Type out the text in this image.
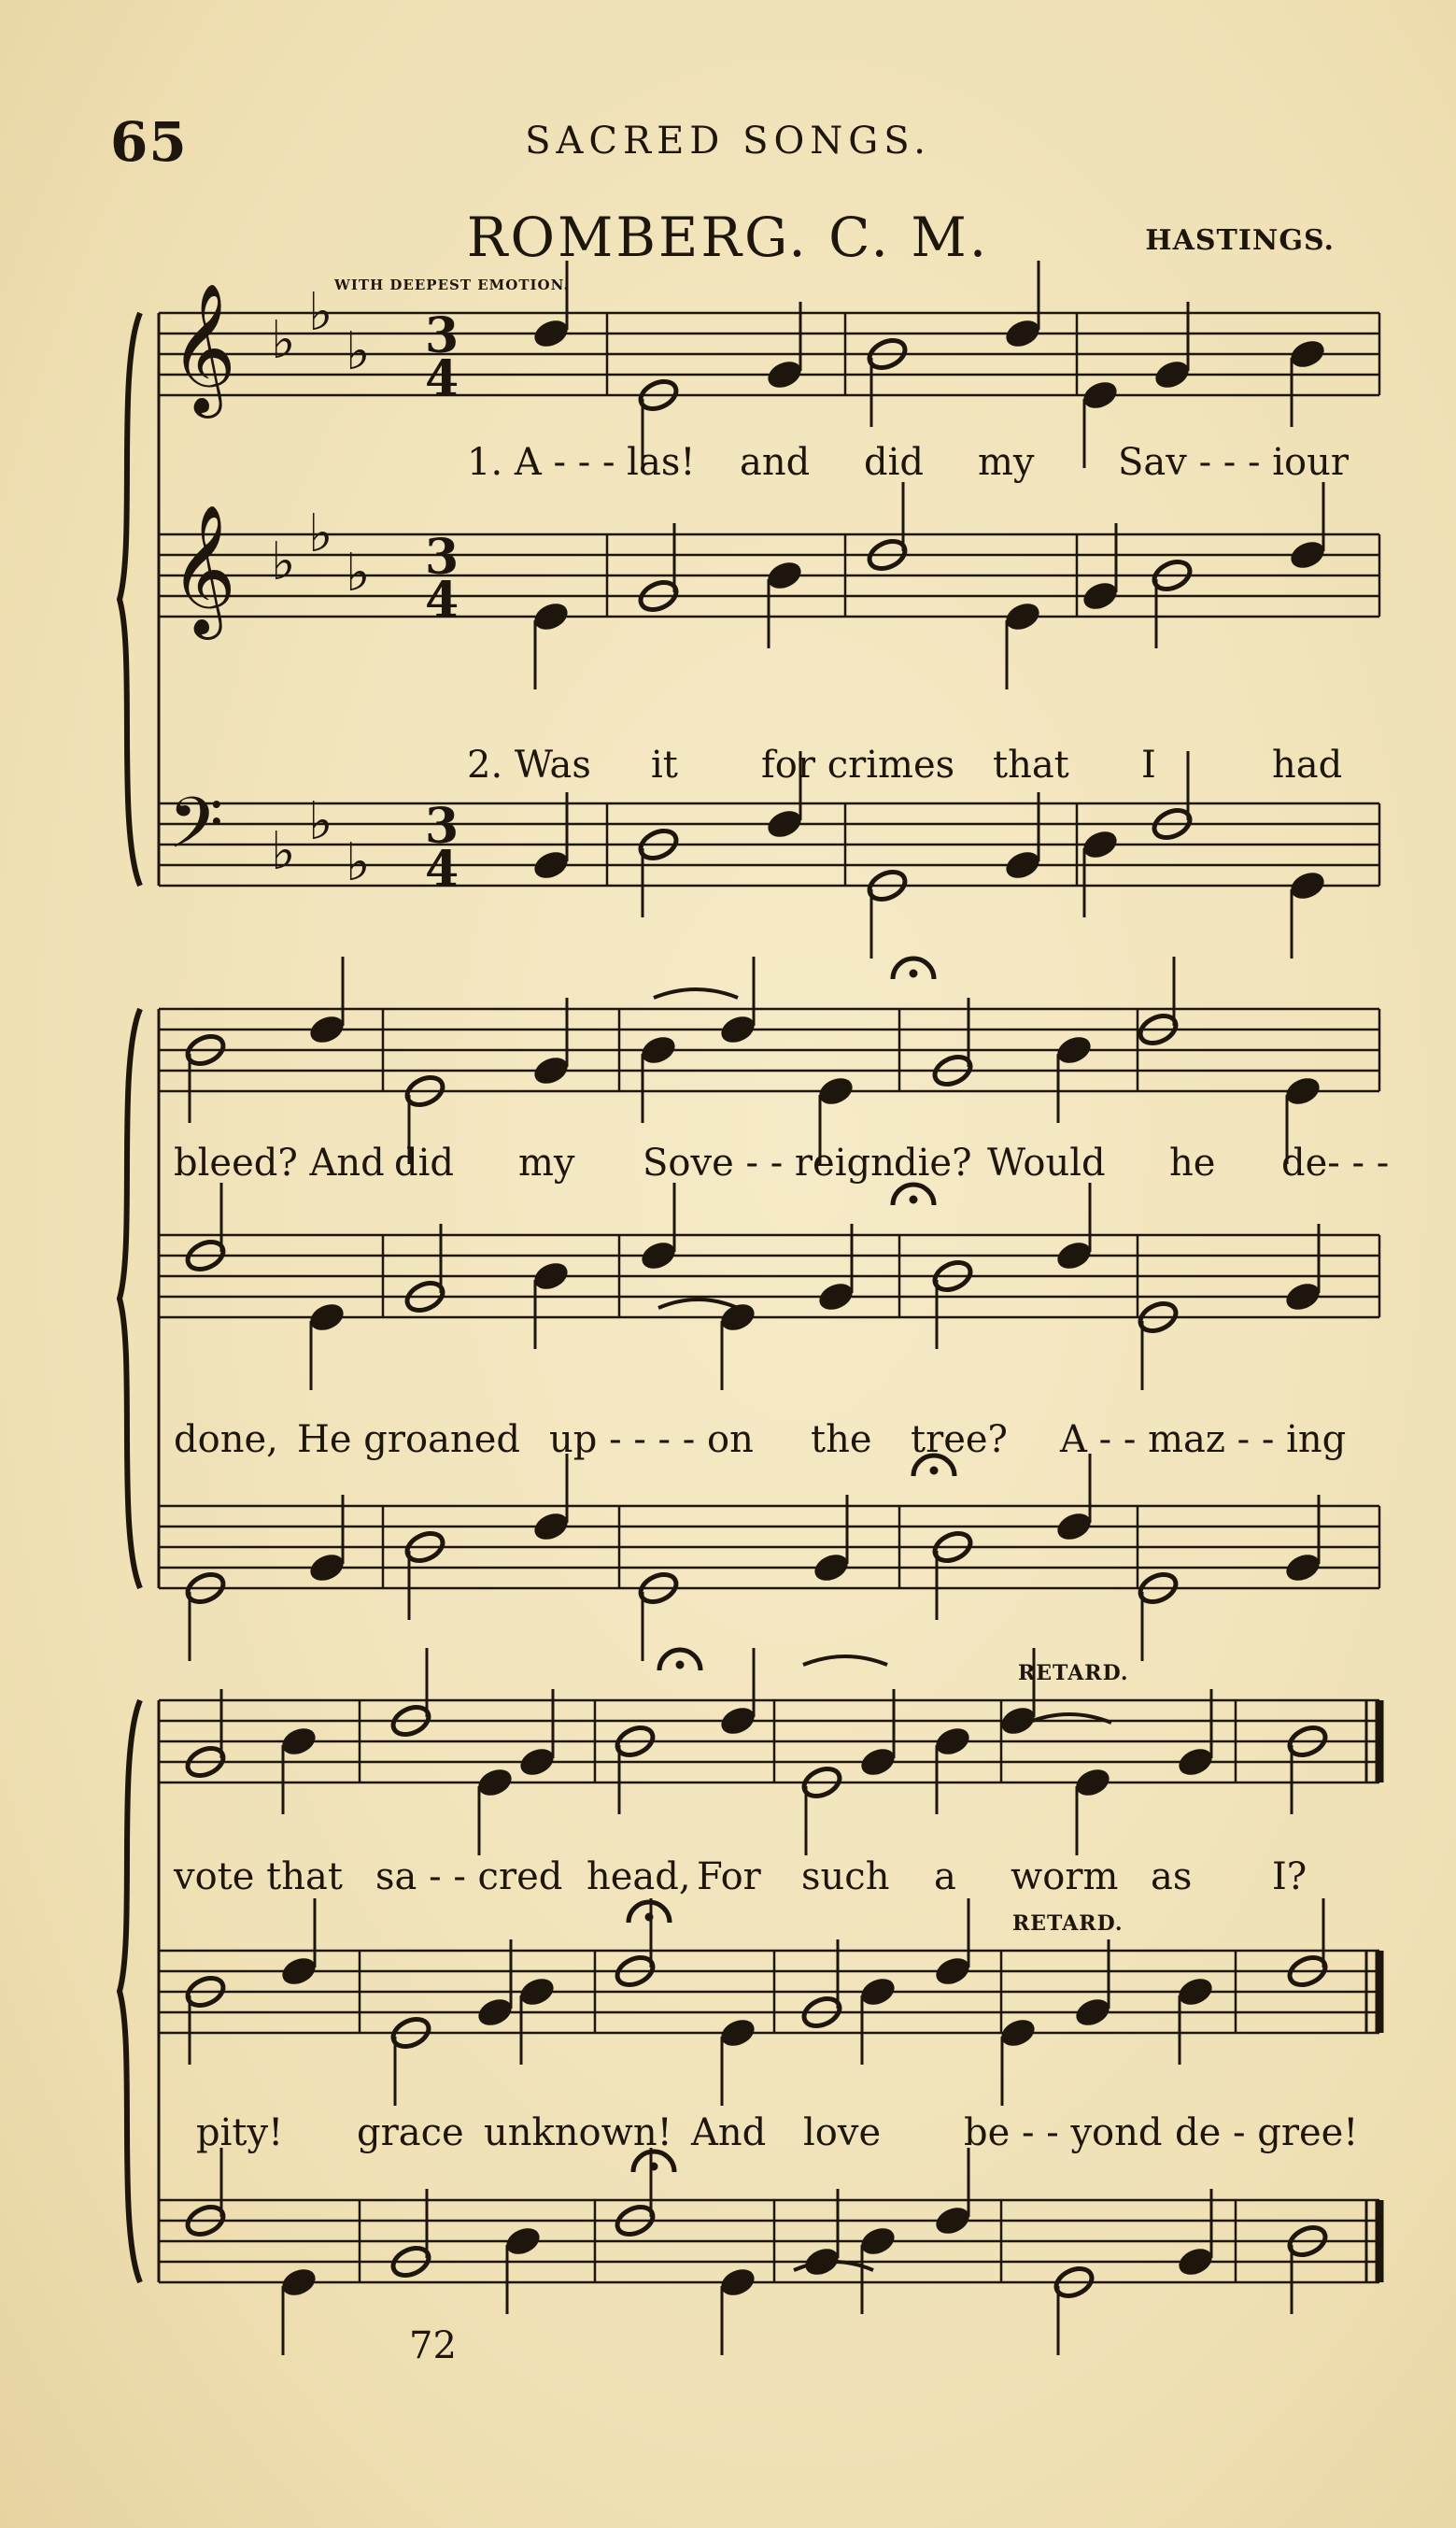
65	SACRED SONGS.
ROMBERG. C. M.	HASTINGS.
WITH DEEPEST EMOTION.
𝄞 ♭ ♭
♭ 3
4
𝄞 ♭ ♭
♭ 3
4
𝄢 ♭ ♭
♭
3
4
1. A - - - las! and did my Sav - - - iour
2. Was it for crimes that I	had
bleed? And did my Sove - - reign die? Would he de- - -
done, He groaned up - - - - on the tree? A - - maz - - ing
vote that sa - - cred head, For such a worm as I?
pity! grace unknown! And love be - - yond de - gree!
RETARD.
RETARD.
72
